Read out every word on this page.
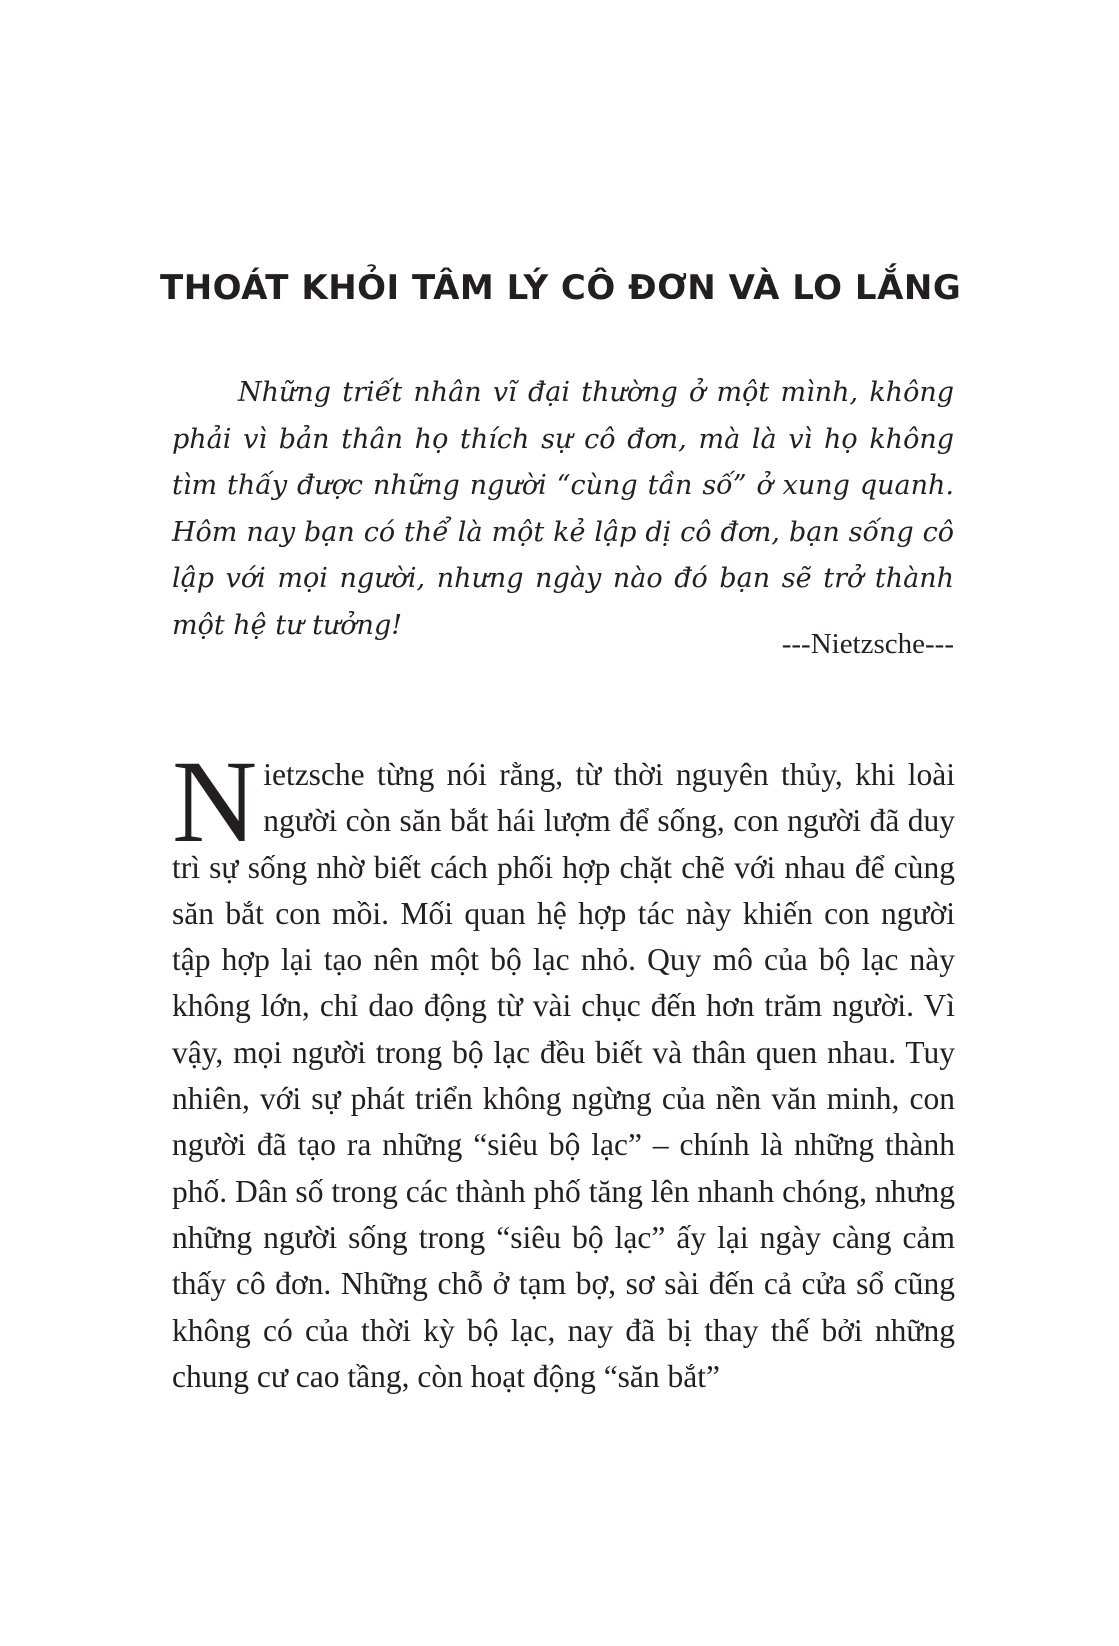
THOÁT KHỎI TÂM LÝ CÔ ĐƠN VÀ LO LẮNG

Những triết nhân vĩ đại thường ở một mình, không phải vì bản thân họ thích sự cô đơn, mà là vì họ không tìm thấy được những người “cùng tần số” ở xung quanh. Hôm nay bạn có thể là một kẻ lập dị cô đơn, bạn sống cô lập với mọi người, nhưng ngày nào đó bạn sẽ trở thành một hệ tư tưởng!

---Nietzsche---

Nietzsche từng nói rằng, từ thời nguyên thủy, khi loài người còn săn bắt hái lượm để sống, con người đã duy trì sự sống nhờ biết cách phối hợp chặt chẽ với nhau để cùng săn bắt con mồi. Mối quan hệ hợp tác này khiến con người tập hợp lại tạo nên một bộ lạc nhỏ. Quy mô của bộ lạc này không lớn, chỉ dao động từ vài chục đến hơn trăm người. Vì vậy, mọi người trong bộ lạc đều biết và thân quen nhau. Tuy nhiên, với sự phát triển không ngừng của nền văn minh, con người đã tạo ra những “siêu bộ lạc” – chính là những thành phố. Dân số trong các thành phố tăng lên nhanh chóng, nhưng những người sống trong “siêu bộ lạc” ấy lại ngày càng cảm thấy cô đơn. Những chỗ ở tạm bợ, sơ sài đến cả cửa sổ cũng không có của thời kỳ bộ lạc, nay đã bị thay thế bởi những chung cư cao tầng, còn hoạt động “săn bắt”
